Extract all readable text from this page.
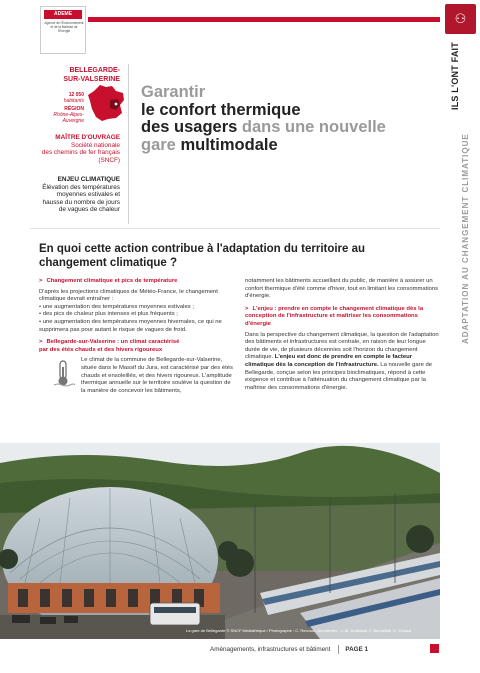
ADEME
Agence de l'Environnement et de la Maîtrise de l'Energie
⚇
ILS L'ONT FAIT
ADAPTATION AU CHANGEMENT CLIMATIQUE
BELLEGARDE-
SUR-VALSERINE
12 050
habitants
RÉGION
Rhône-Alpes-Auvergne
MAÎTRE D'OUVRAGE
Société nationale
des chemins de fer français
(SNCF)
ENJEU CLIMATIQUE
Élévation des températures
moyennes estivales et
hausse du nombre de jours
de vagues de chaleur
Garantir
le confort thermique
des usagers dans une nouvelle
gare multimodale
En quoi cette action contribue à l'adaptation du territoire au changement climatique ?
> Changement climatique et pics de température

D'après les projections climatiques de Météo-France, le changement climatique devrait entraîner :

• une augmentation des températures moyennes estivales ;

• des pics de chaleur plus intenses et plus fréquents ;

• une augmentation des températures moyennes hivernales, ce qui ne supprimera pas pour autant le risque de vagues de froid.

> Bellegarde-sur-Valserine : un climat caractérisé
par des étés chauds et des hivers rigoureux

Le climat de la commune de Bellegarde-sur-Valserine, située dans le Massif du Jura, est caractérisé par des étés chauds et ensoleillés, et des hivers rigoureux. L'amplitude thermique annuelle sur le territoire soulève la question de la manière de concevoir les bâtiments,

notamment les bâtiments accueillant du public, de manière à assurer un confort thermique d'été comme d'hiver, tout en limitant les consommations d'énergie.

> L'enjeu : prendre en compte le changement climatique dès la conception de l'infrastructure et maîtriser les consommations d'énergie

Dans la perspective du changement climatique, la question de l'adaptation des bâtiments et infrastructures est centrale, en raison de leur longue durée de vie, de plusieurs décennies soit l'horizon du changement climatique. L'enjeu est donc de prendre en compte le facteur climatique dès la conception de l'infrastructure. La nouvelle gare de Bellegarde, conçue selon les principes bioclimatiques, répond à cette exigence et contribue à l'atténuation du changement climatique par la maîtrise des consommations d'énergie.

La gare de Bellegarde © SNCF Médiathèque / Photographe : C. Recoura. Architectes : J.-M. Duthilleul, F. Bonnefille, E. Tricaud
Aménagements, infrastructures et bâtiment PAGE 1
